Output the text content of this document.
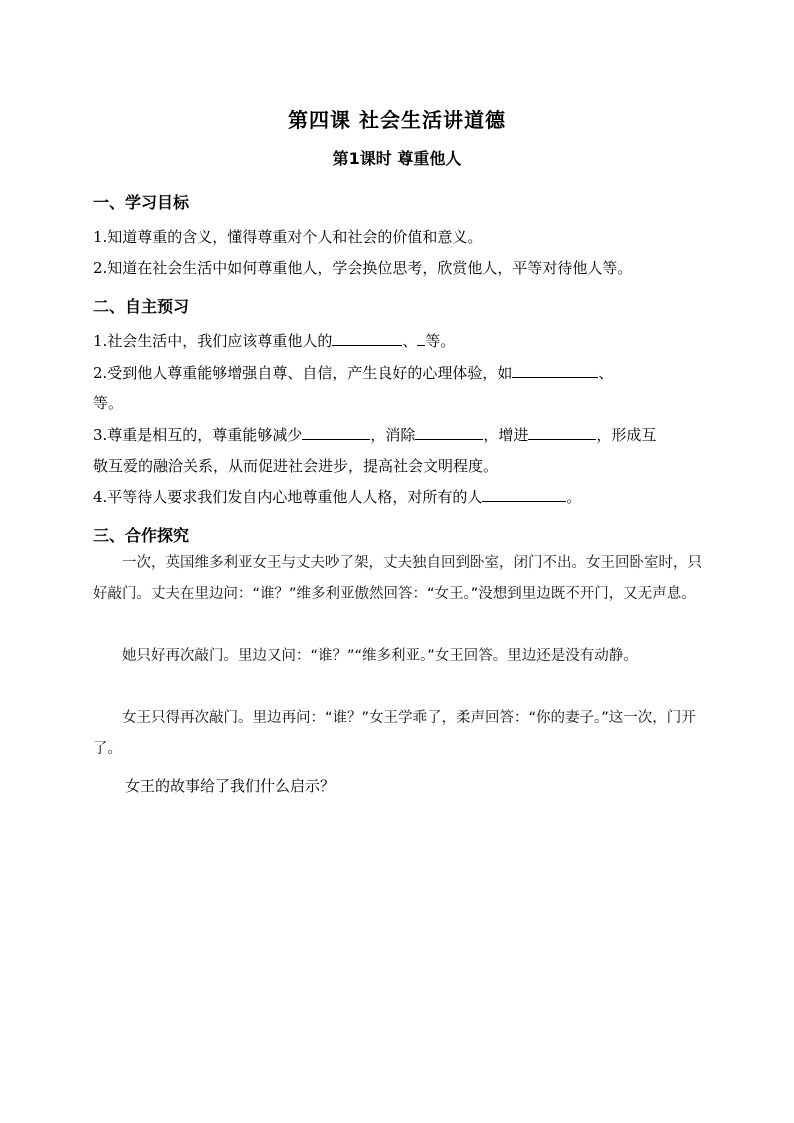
第四课 社会生活讲道德
第1课时 尊重他人
一、学习目标
1.知道尊重的含义，懂得尊重对个人和社会的价值和意义。
2.知道在社会生活中如何尊重他人，学会换位思考，欣赏他人，平等对待他人等。
二、自主预习
1.社会生活中，我们应该尊重他人的	、 等。
2.受到他人尊重能够增强自尊、自信，产生良好的心理体验，如	、
等。
3.尊重是相互的，尊重能够减少	，消除	，增进	，形成互
敬互爱的融洽关系，从而促进社会进步，提高社会文明程度。
4.平等待人要求我们发自内心地尊重他人人格，对所有的人	。
三、合作探究
一次，英国维多利亚女王与丈夫吵了架，丈夫独自回到卧室，闭门不出。女王回卧室时，只好敲门。丈夫在里边问：“谁？”维多利亚傲然回答：“女王。”没想到里边既不开门，又无声息。
她只好再次敲门。里边又问：“谁？”“维多利亚。”女王回答。里边还是没有动静。
女王只得再次敲门。里边再问：“谁？”女王学乖了，柔声回答：“你的妻子。”这一次，门开了。
女王的故事给了我们什么启示？
